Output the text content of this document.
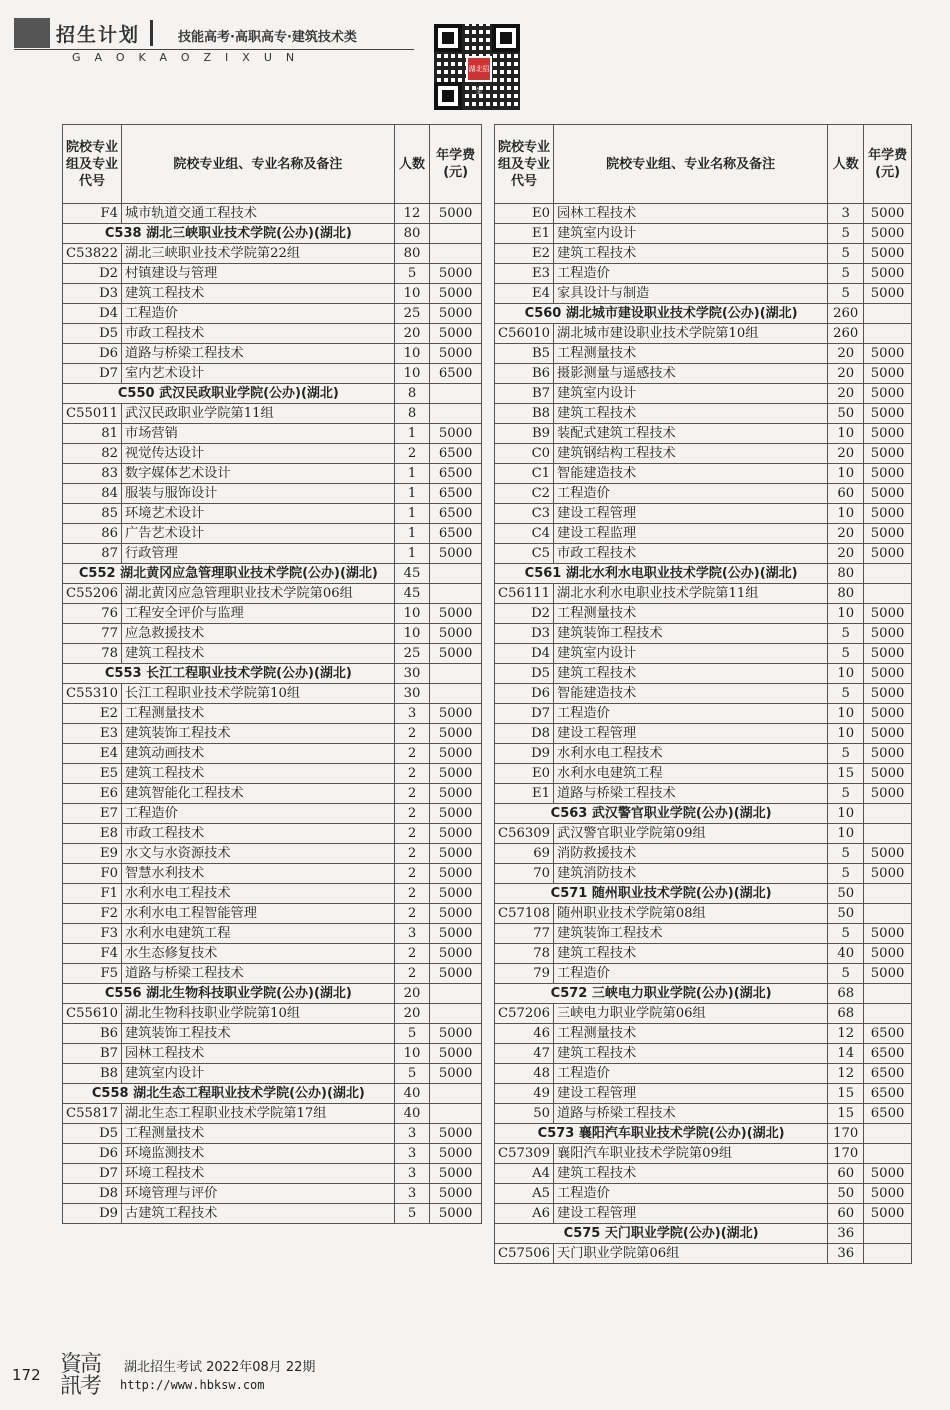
招生计划	技能高考·高职高专·建筑技术类
GAOKAOZIXUN
湖北招生
院校专业组及专业代号	院校专业组、专业名称及备注	人数	年学费(元)
F4	城市轨道交通工程技术	12	5000
C538 湖北三峡职业技术学院(公办)(湖北)		80	
C53822	湖北三峡职业技术学院第22组	80	
D2	村镇建设与管理	5	5000
D3	建筑工程技术	10	5000
D4	工程造价	25	5000
D5	市政工程技术	20	5000
D6	道路与桥梁工程技术	10	5000
D7	室内艺术设计	10	6500
C550 武汉民政职业学院(公办)(湖北)		8	
C55011	武汉民政职业学院第11组	8	
81	市场营销	1	5000
82	视觉传达设计	2	6500
83	数字媒体艺术设计	1	6500
84	服装与服饰设计	1	6500
85	环境艺术设计	1	6500
86	广告艺术设计	1	6500
87	行政管理	1	5000
C552 湖北黄冈应急管理职业技术学院(公办)(湖北)		45	
C55206	湖北黄冈应急管理职业技术学院第06组	45	
76	工程安全评价与监理	10	5000
77	应急救援技术	10	5000
78	建筑工程技术	25	5000
C553 长江工程职业技术学院(公办)(湖北)		30	
C55310	长江工程职业技术学院第10组	30	
E2	工程测量技术	3	5000
E3	建筑装饰工程技术	2	5000
E4	建筑动画技术	2	5000
E5	建筑工程技术	2	5000
E6	建筑智能化工程技术	2	5000
E7	工程造价	2	5000
E8	市政工程技术	2	5000
E9	水文与水资源技术	2	5000
F0	智慧水利技术	2	5000
F1	水利水电工程技术	2	5000
F2	水利水电工程智能管理	2	5000
F3	水利水电建筑工程	3	5000
F4	水生态修复技术	2	5000
F5	道路与桥梁工程技术	2	5000
C556 湖北生物科技职业学院(公办)(湖北)		20	
C55610	湖北生物科技职业学院第10组	20	
B6	建筑装饰工程技术	5	5000
B7	园林工程技术	10	5000
B8	建筑室内设计	5	5000
C558 湖北生态工程职业技术学院(公办)(湖北)		40	
C55817	湖北生态工程职业技术学院第17组	40	
D5	工程测量技术	3	5000
D6	环境监测技术	3	5000
D7	环境工程技术	3	5000
D8	环境管理与评价	3	5000
D9	古建筑工程技术	5	5000
院校专业组及专业代号	院校专业组、专业名称及备注	人数	年学费(元)
E0	园林工程技术	3	5000
E1	建筑室内设计	5	5000
E2	建筑工程技术	5	5000
E3	工程造价	5	5000
E4	家具设计与制造	5	5000
C560 湖北城市建设职业技术学院(公办)(湖北)		260	
C56010	湖北城市建设职业技术学院第10组	260	
B5	工程测量技术	20	5000
B6	摄影测量与遥感技术	20	5000
B7	建筑室内设计	20	5000
B8	建筑工程技术	50	5000
B9	装配式建筑工程技术	10	5000
C0	建筑钢结构工程技术	20	5000
C1	智能建造技术	10	5000
C2	工程造价	60	5000
C3	建设工程管理	10	5000
C4	建设工程监理	20	5000
C5	市政工程技术	20	5000
C561 湖北水利水电职业技术学院(公办)(湖北)		80	
C56111	湖北水利水电职业技术学院第11组	80	
D2	工程测量技术	10	5000
D3	建筑装饰工程技术	5	5000
D4	建筑室内设计	5	5000
D5	建筑工程技术	10	5000
D6	智能建造技术	5	5000
D7	工程造价	10	5000
D8	建设工程管理	10	5000
D9	水利水电工程技术	5	5000
E0	水利水电建筑工程	15	5000
E1	道路与桥梁工程技术	5	5000
C563 武汉警官职业学院(公办)(湖北)		10	
C56309	武汉警官职业学院第09组	10	
69	消防救援技术	5	5000
70	建筑消防技术	5	5000
C571 随州职业技术学院(公办)(湖北)		50	
C57108	随州职业技术学院第08组	50	
77	建筑装饰工程技术	5	5000
78	建筑工程技术	40	5000
79	工程造价	5	5000
C572 三峡电力职业学院(公办)(湖北)		68	
C57206	三峡电力职业学院第06组	68	
46	工程测量技术	12	6500
47	建筑工程技术	14	6500
48	工程造价	12	6500
49	建设工程管理	15	6500
50	道路与桥梁工程技术	15	6500
C573 襄阳汽车职业技术学院(公办)(湖北)		170	
C57309	襄阳汽车职业技术学院第09组	170	
A4	建筑工程技术	60	5000
A5	工程造价	50	5000
A6	建设工程管理	60	5000
C575 天门职业学院(公办)(湖北)		36	
C57506	天门职业学院第06组	36	
172 資高訊考
湖北招生考试 2022年08月 22期
http://www.hbksw.com
